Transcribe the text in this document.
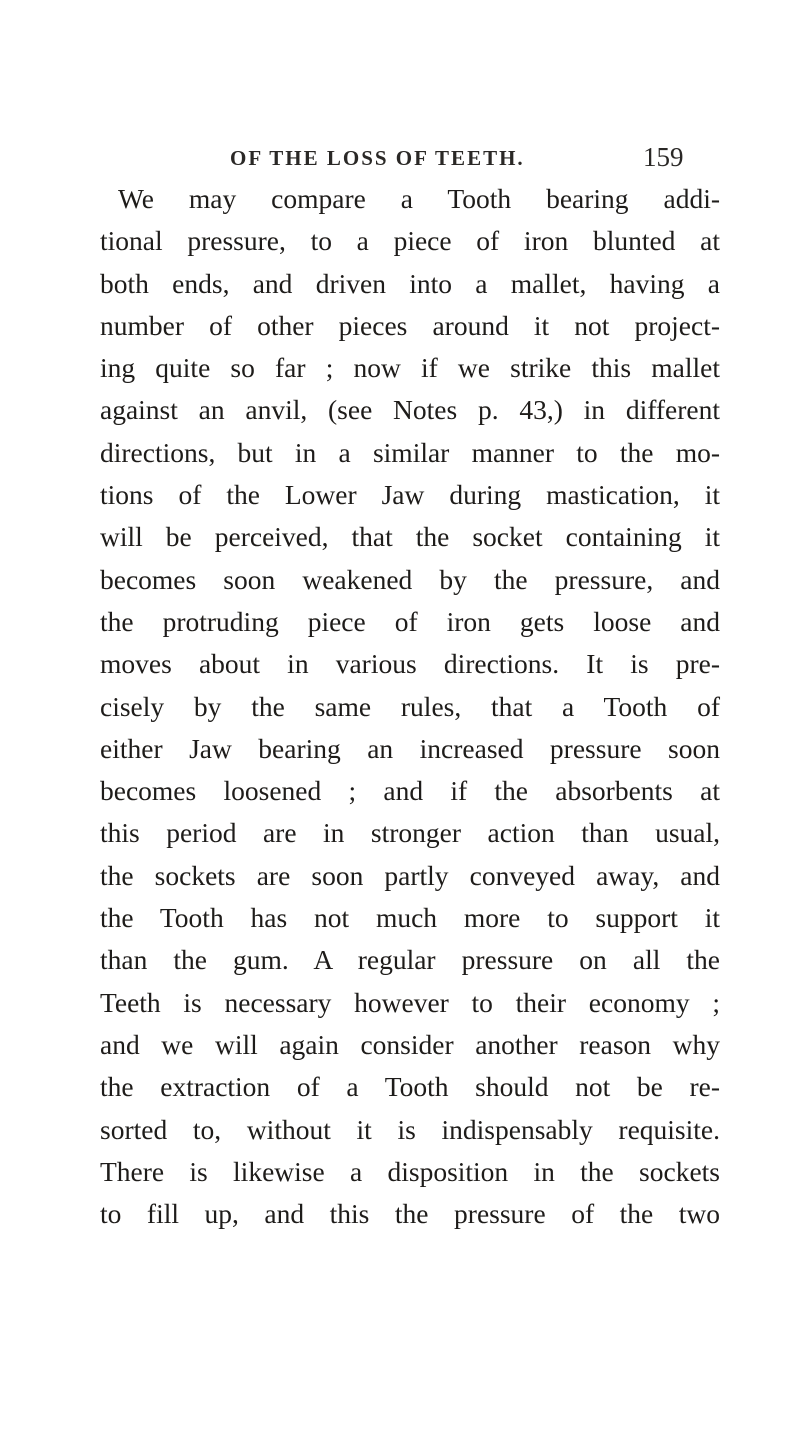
OF THE LOSS OF TEETH.	159
We may compare a Tooth bearing addi-
tional pressure, to a piece of iron blunted at
both ends, and driven into a mallet, having a
number of other pieces around it not project-
ing quite so far ; now if we strike this mallet
against an anvil, (see Notes p. 43,) in different
directions, but in a similar manner to the mo-
tions of the Lower Jaw during mastication, it
will be perceived, that the socket containing it
becomes soon weakened by the pressure, and
the protruding piece of iron gets loose and
moves about in various directions. It is pre-
cisely by the same rules, that a Tooth of
either Jaw bearing an increased pressure soon
becomes loosened ; and if the absorbents at
this period are in stronger action than usual,
the sockets are soon partly conveyed away, and
the Tooth has not much more to support it
than the gum. A regular pressure on all the
Teeth is necessary however to their economy ;
and we will again consider another reason why
the extraction of a Tooth should not be re-
sorted to, without it is indispensably requisite.
There is likewise a disposition in the sockets
to fill up, and this the pressure of the two
